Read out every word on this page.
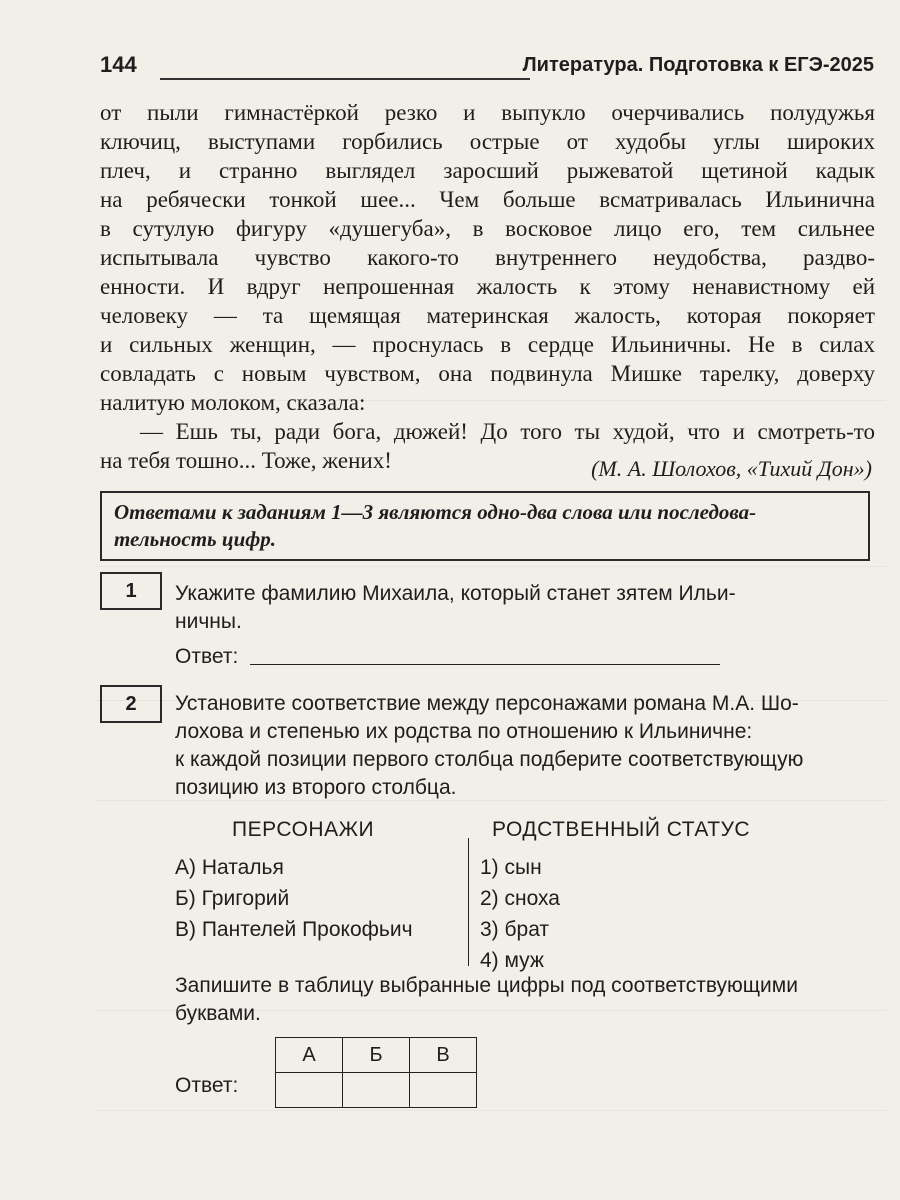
144	Литература. Подготовка к ЕГЭ-2025
от пыли гимнастёркой резко и выпукло очерчивались полудужья
ключиц, выступами горбились острые от худобы углы широких
плеч, и странно выглядел заросший рыжеватой щетиной кадык
на ребячески тонкой шее... Чем больше всматривалась Ильинична
в сутулую фигуру «душегуба», в восковое лицо его, тем сильнее
испытывала чувство какого-то внутреннего неудобства, раздво-
енности. И вдруг непрошенная жалость к этому ненавистному ей
человеку — та щемящая материнская жалость, которая покоряет
и сильных женщин, — проснулась в сердце Ильиничны. Не в силах
совладать с новым чувством, она подвинула Мишке тарелку, доверху
налитую молоком, сказала:
— Ешь ты, ради бога, дюжей! До того ты худой, что и смотреть-то
на тебя тошно... Тоже, жених!	(М. А. Шолохов, «Тихий Дон»)
Ответами к заданиям 1—3 являются одно-два слова или последова-
тельность цифр.
1	Укажите фамилию Михаила, который станет зятем Ильи-
ничны.
Ответ:
2	Установите соответствие между персонажами романа М.А. Шо-
лохова и степенью их родства по отношению к Ильиничне:
к каждой позиции первого столбца подберите соответствующую
позицию из второго столбца.
ПЕРСОНАЖИ	РОДСТВЕННЫЙ СТАТУС
А) Наталья
Б) Григорий
В) Пантелей Прокофьич
1) сын
2) сноха
3) брат
4) муж
Запишите в таблицу выбранные цифры под соответствующими
буквами.
Ответ:
А	Б	В
